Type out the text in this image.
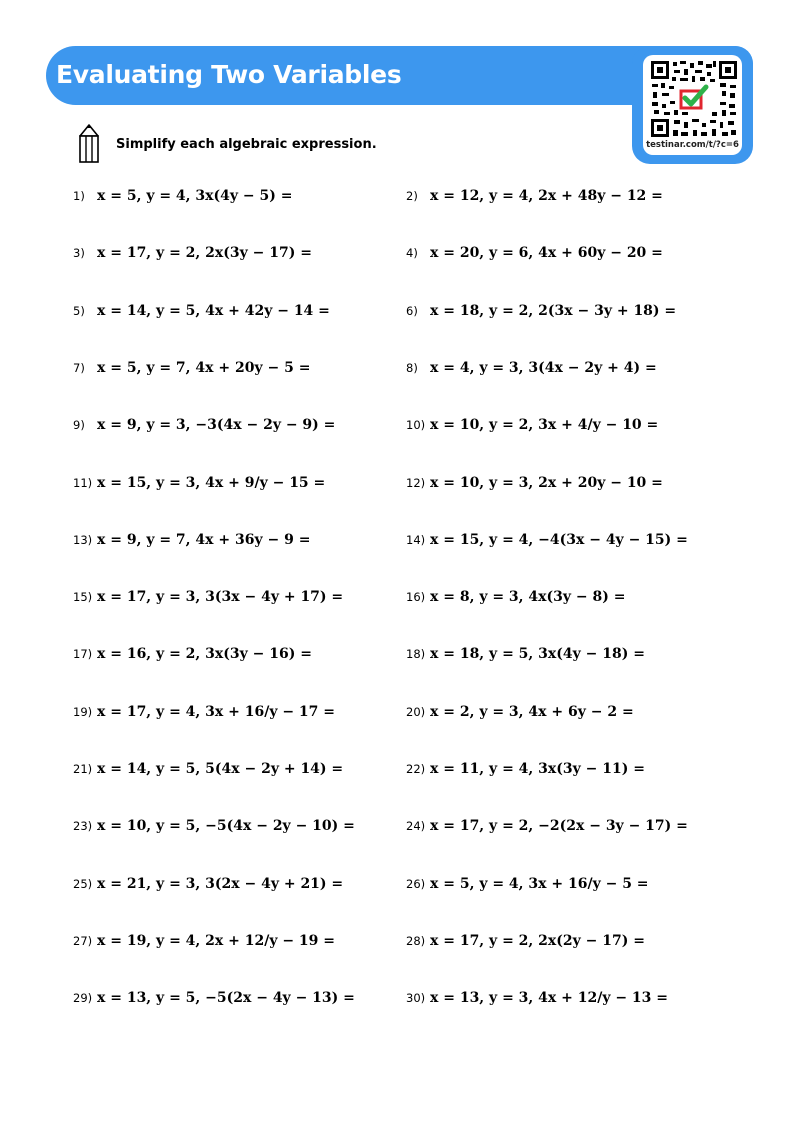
Evaluating Two Variables
testinar.com/t/?c=6
Simplify each algebraic expression.
1) x = 5, y = 4, 3x(4y − 5) =	2) x = 12, y = 4, 2x + 48y − 12 =
3) x = 17, y = 2, 2x(3y − 17) =	4) x = 20, y = 6, 4x + 60y − 20 =
5) x = 14, y = 5, 4x + 42y − 14 =	6) x = 18, y = 2, 2(3x − 3y + 18) =
7) x = 5, y = 7, 4x + 20y − 5 =	8) x = 4, y = 3, 3(4x − 2y + 4) =
9) x = 9, y = 3, −3(4x − 2y − 9) =	10) x = 10, y = 2, 3x + 4/y − 10 =
11) x = 15, y = 3, 4x + 9/y − 15 =	12) x = 10, y = 3, 2x + 20y − 10 =
13) x = 9, y = 7, 4x + 36y − 9 =	14) x = 15, y = 4, −4(3x − 4y − 15) =
15) x = 17, y = 3, 3(3x − 4y + 17) =	16) x = 8, y = 3, 4x(3y − 8) =
17) x = 16, y = 2, 3x(3y − 16) =	18) x = 18, y = 5, 3x(4y − 18) =
19) x = 17, y = 4, 3x + 16/y − 17 =	20) x = 2, y = 3, 4x + 6y − 2 =
21) x = 14, y = 5, 5(4x − 2y + 14) =	22) x = 11, y = 4, 3x(3y − 11) =
23) x = 10, y = 5, −5(4x − 2y − 10) =	24) x = 17, y = 2, −2(2x − 3y − 17) =
25) x = 21, y = 3, 3(2x − 4y + 21) =	26) x = 5, y = 4, 3x + 16/y − 5 =
27) x = 19, y = 4, 2x + 12/y − 19 =	28) x = 17, y = 2, 2x(2y − 17) =
29) x = 13, y = 5, −5(2x − 4y − 13) =	30) x = 13, y = 3, 4x + 12/y − 13 =
